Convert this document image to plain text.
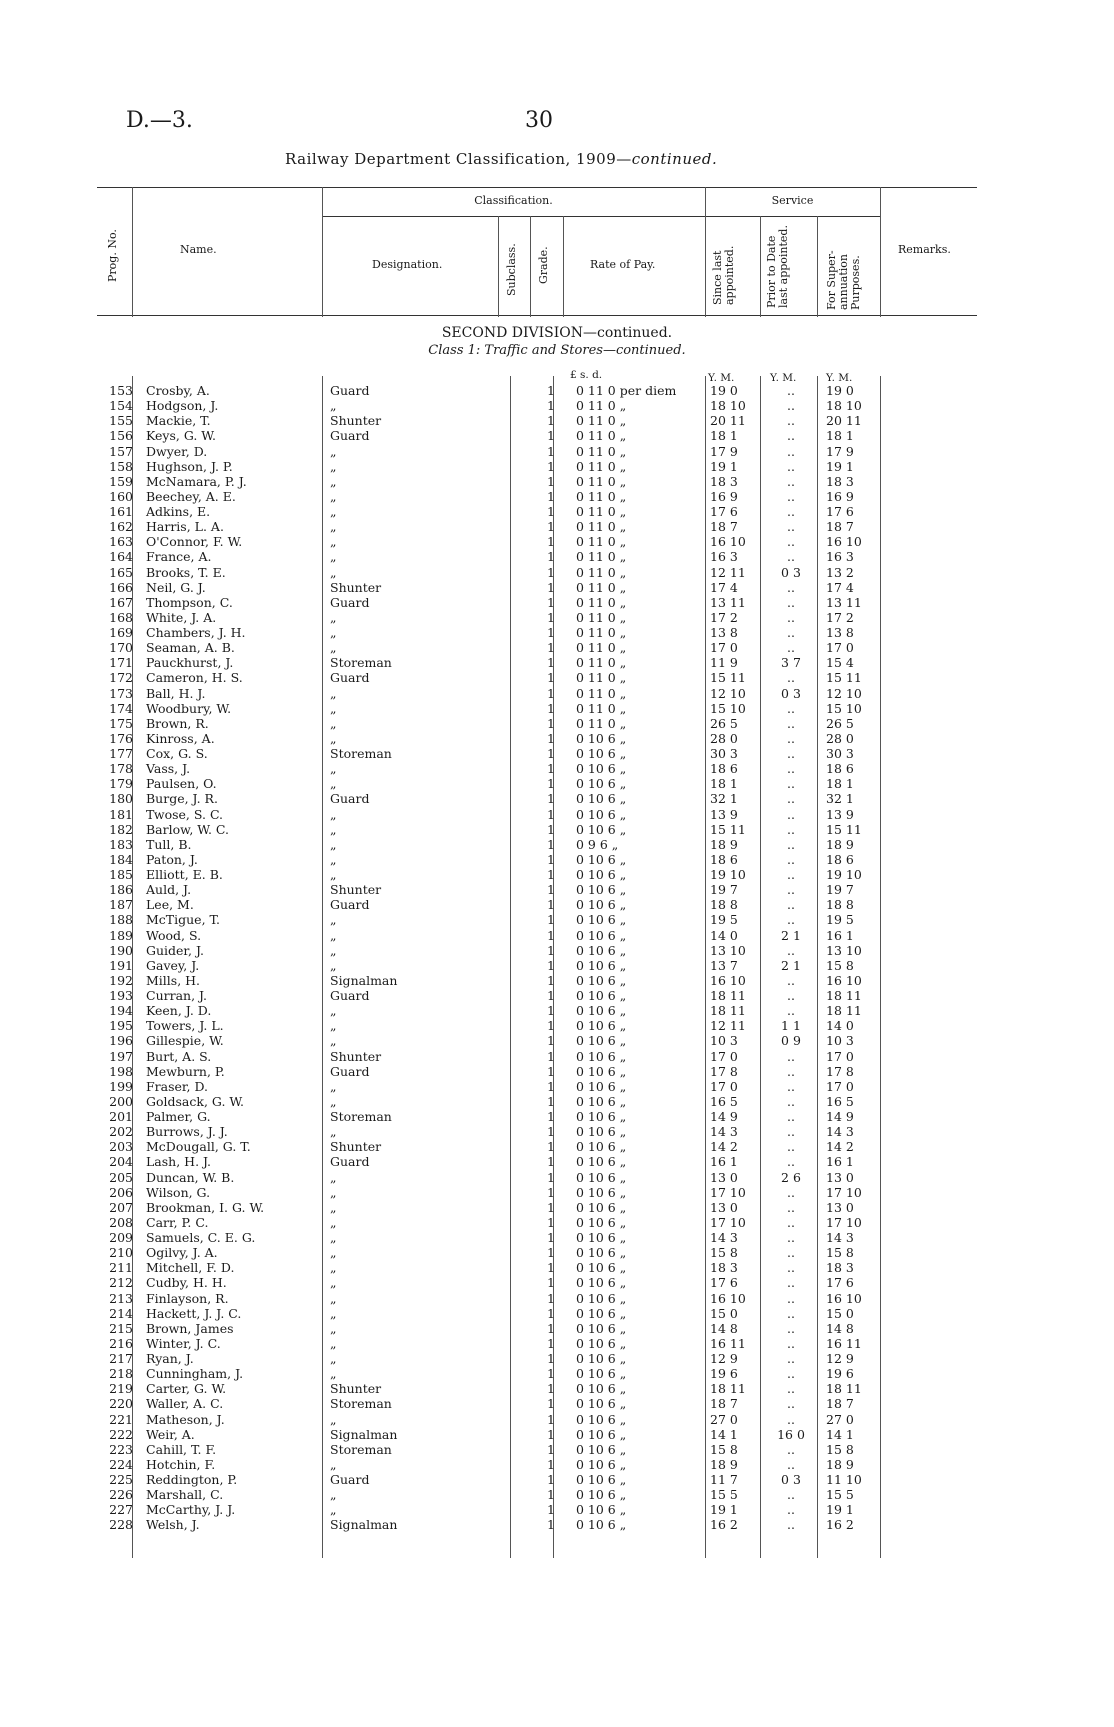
D.—3.	30
Railway Department Classification, 1909—continued.
Prog. No.	Name.
Classification.
Designation.	Subclass. Grade.	Rate of Pay.
Service
Since last appointed.	Prior to Date last appointed.	For Super-annuation Purposes.
Remarks.
SECOND DIVISION—continued.
Class 1: Traffic and Stores—continued.
£ s. d.	Y. M.	Y. M.	Y. M.
153	Crosby, A.	Guard		1	0 11 0 per diem	19 0	..	19 0
154	Hodgson, J.	„		1	0 11 0 „	18 10	..	18 10
155	Mackie, T.	Shunter		1	0 11 0 „	20 11	..	20 11
156	Keys, G. W.	Guard		1	0 11 0 „	18 1	..	18 1
157	Dwyer, D.	„		1	0 11 0 „	17 9	..	17 9
158	Hughson, J. P.	„		1	0 11 0 „	19 1	..	19 1
159	McNamara, P. J.	„		1	0 11 0 „	18 3	..	18 3
160	Beechey, A. E.	„		1	0 11 0 „	16 9	..	16 9
161	Adkins, E.	„		1	0 11 0 „	17 6	..	17 6
162	Harris, L. A.	„		1	0 11 0 „	18 7	..	18 7
163	O'Connor, F. W.	„		1	0 11 0 „	16 10	..	16 10
164	France, A.	„		1	0 11 0 „	16 3	..	16 3
165	Brooks, T. E.	„		1	0 11 0 „	12 11	0 3	13 2
166	Neil, G. J.	Shunter		1	0 11 0 „	17 4	..	17 4
167	Thompson, C.	Guard		1	0 11 0 „	13 11	..	13 11
168	White, J. A.	„		1	0 11 0 „	17 2	..	17 2
169	Chambers, J. H.	„		1	0 11 0 „	13 8	..	13 8
170	Seaman, A. B.	„		1	0 11 0 „	17 0	..	17 0
171	Pauckhurst, J.	Storeman		1	0 11 0 „	11 9	3 7	15 4
172	Cameron, H. S.	Guard		1	0 11 0 „	15 11	..	15 11
173	Ball, H. J.	„		1	0 11 0 „	12 10	0 3	12 10
174	Woodbury, W.	„		1	0 11 0 „	15 10	..	15 10
175	Brown, R.	„		1	0 11 0 „	26 5	..	26 5
176	Kinross, A.	„		1	0 10 6 „	28 0	..	28 0
177	Cox, G. S.	Storeman		1	0 10 6 „	30 3	..	30 3
178	Vass, J.	„		1	0 10 6 „	18 6	..	18 6
179	Paulsen, O.	„		1	0 10 6 „	18 1	..	18 1
180	Burge, J. R.	Guard		1	0 10 6 „	32 1	..	32 1
181	Twose, S. C.	„		1	0 10 6 „	13 9	..	13 9
182	Barlow, W. C.	„		1	0 10 6 „	15 11	..	15 11
183	Tull, B.	„		1	0 9 6 „	18 9	..	18 9
184	Paton, J.	„		1	0 10 6 „	18 6	..	18 6
185	Elliott, E. B.	„		1	0 10 6 „	19 10	..	19 10
186	Auld, J.	Shunter		1	0 10 6 „	19 7	..	19 7
187	Lee, M.	Guard		1	0 10 6 „	18 8	..	18 8
188	McTigue, T.	„		1	0 10 6 „	19 5	..	19 5
189	Wood, S.	„		1	0 10 6 „	14 0	2 1	16 1
190	Guider, J.	„		1	0 10 6 „	13 10	..	13 10
191	Gavey, J.	„		1	0 10 6 „	13 7	2 1	15 8
192	Mills, H.	Signalman		1	0 10 6 „	16 10	..	16 10
193	Curran, J.	Guard		1	0 10 6 „	18 11	..	18 11
194	Keen, J. D.	„		1	0 10 6 „	18 11	..	18 11
195	Towers, J. L.	„		1	0 10 6 „	12 11	1 1	14 0
196	Gillespie, W.	„		1	0 10 6 „	10 3	0 9	10 3
197	Burt, A. S.	Shunter		1	0 10 6 „	17 0	..	17 0
198	Mewburn, P.	Guard		1	0 10 6 „	17 8	..	17 8
199	Fraser, D.	„		1	0 10 6 „	17 0	..	17 0
200	Goldsack, G. W.	„		1	0 10 6 „	16 5	..	16 5
201	Palmer, G.	Storeman		1	0 10 6 „	14 9	..	14 9
202	Burrows, J. J.	„		1	0 10 6 „	14 3	..	14 3
203	McDougall, G. T.	Shunter		1	0 10 6 „	14 2	..	14 2
204	Lash, H. J.	Guard		1	0 10 6 „	16 1	..	16 1
205	Duncan, W. B.	„		1	0 10 6 „	13 0	2 6	13 0
206	Wilson, G.	„		1	0 10 6 „	17 10	..	17 10
207	Brookman, I. G. W.	„		1	0 10 6 „	13 0	..	13 0
208	Carr, P. C.	„		1	0 10 6 „	17 10	..	17 10
209	Samuels, C. E. G.	„		1	0 10 6 „	14 3	..	14 3
210	Ogilvy, J. A.	„		1	0 10 6 „	15 8	..	15 8
211	Mitchell, F. D.	„		1	0 10 6 „	18 3	..	18 3
212	Cudby, H. H.	„		1	0 10 6 „	17 6	..	17 6
213	Finlayson, R.	„		1	0 10 6 „	16 10	..	16 10
214	Hackett, J. J. C.	„		1	0 10 6 „	15 0	..	15 0
215	Brown, James	„		1	0 10 6 „	14 8	..	14 8
216	Winter, J. C.	„		1	0 10 6 „	16 11	..	16 11
217	Ryan, J.	„		1	0 10 6 „	12 9	..	12 9
218	Cunningham, J.	„		1	0 10 6 „	19 6	..	19 6
219	Carter, G. W.	Shunter		1	0 10 6 „	18 11	..	18 11
220	Waller, A. C.	Storeman		1	0 10 6 „	18 7	..	18 7
221	Matheson, J.	„		1	0 10 6 „	27 0	..	27 0
222	Weir, A.	Signalman		1	0 10 6 „	14 1	16 0	14 1
223	Cahill, T. F.	Storeman		1	0 10 6 „	15 8	..	15 8
224	Hotchin, F.	„		1	0 10 6 „	18 9	..	18 9
225	Reddington, P.	Guard		1	0 10 6 „	11 7	0 3	11 10
226	Marshall, C.	„		1	0 10 6 „	15 5	..	15 5
227	McCarthy, J. J.	„		1	0 10 6 „	19 1	..	19 1
228	Welsh, J.	Signalman		1	0 10 6 „	16 2	..	16 2
